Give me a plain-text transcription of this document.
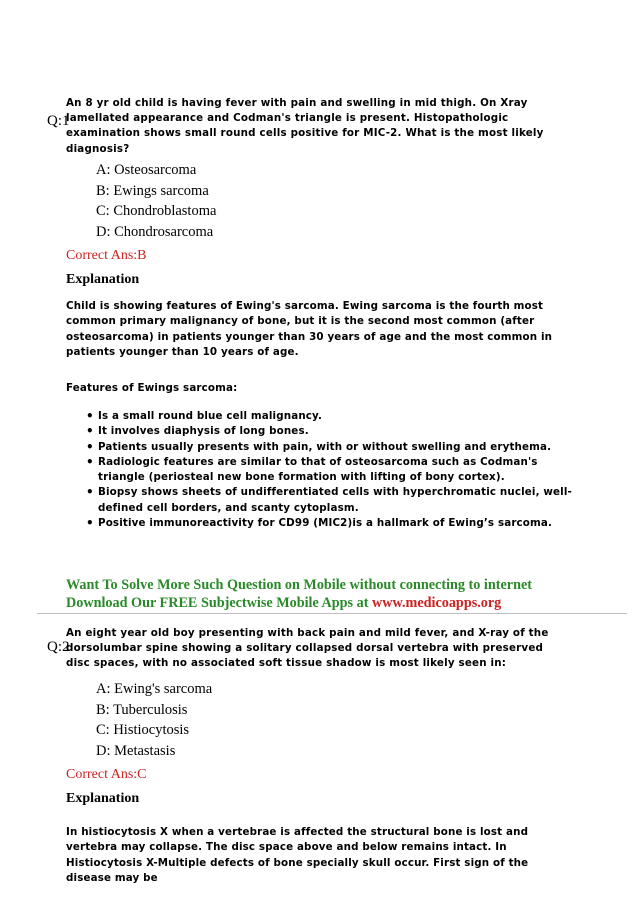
Q:1
An 8 yr old child is having fever with pain and swelling in mid thigh. On Xray lamellated appearance and Codman's triangle is present. Histopathologic examination shows small round cells positive for MIC-2. What is the most likely diagnosis?
A: Osteosarcoma
B: Ewings sarcoma
C: Chondroblastoma
D: Chondrosarcoma
Correct Ans:B
Explanation

Child is showing features of Ewing's sarcoma. Ewing sarcoma is the fourth most common primary malignancy of bone, but it is the second most common (after osteosarcoma) in patients younger than 30 years of age and the most common in patients younger than 10 years of age.

Features of Ewings sarcoma:

• Is a small round blue cell malignancy.
• It involves diaphysis of long bones.
• Patients usually presents with pain, with or without swelling and erythema.
• Radiologic features are similar to that of osteosarcoma such as Codman's triangle (periosteal new bone formation with lifting of bony cortex).
• Biopsy shows sheets of undifferentiated cells with hyperchromatic nuclei, well-defined cell borders, and scanty cytoplasm.
• Positive immunoreactivity for CD99 (MIC2)is a hallmark of Ewing’s sarcoma.
Want To Solve More Such Question on Mobile without connecting to internet
Download Our FREE Subjectwise Mobile Apps at www.medicoapps.org
Q:2
An eight year old boy presenting with back pain and mild fever, and X-ray of the dorsolumbar spine showing a solitary collapsed dorsal vertebra with preserved disc spaces, with no associated soft tissue shadow is most likely seen in:
A: Ewing's sarcoma
B: Tuberculosis
C: Histiocytosis
D: Metastasis
Correct Ans:C
Explanation

In histiocytosis X when a vertebrae is affected the structural bone is lost and vertebra may collapse. The disc space above and below remains intact. In Histiocytosis X-Multiple defects of bone specially skull occur. First sign of the disease may be
